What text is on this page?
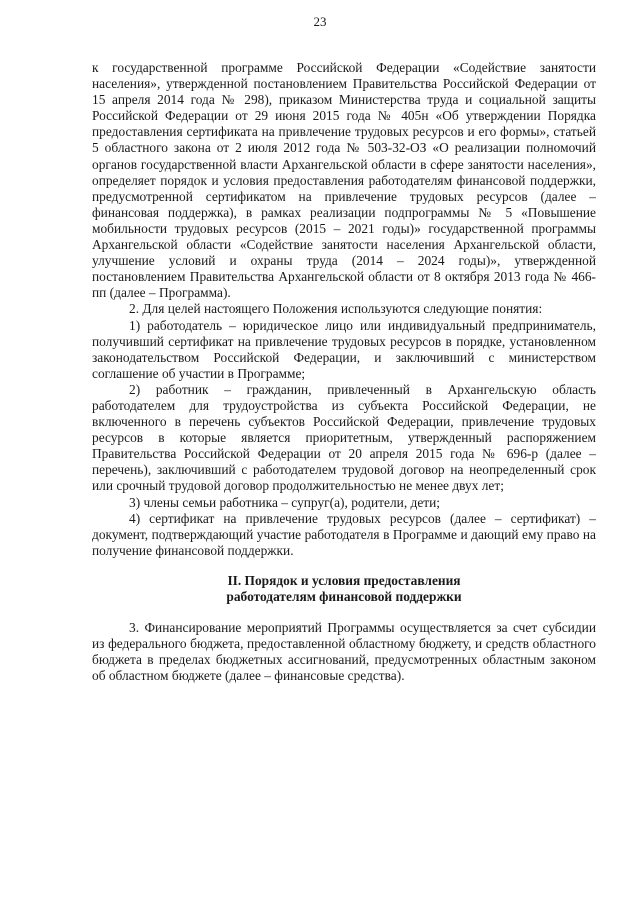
23

к государственной программе Российской Федерации «Содействие занятости населения», утвержденной постановлением Правительства Российской Федерации от 15 апреля 2014 года № 298), приказом Министерства труда и социальной защиты Российской Федерации от 29 июня 2015 года № 405н «Об утверждении Порядка предоставления сертификата на привлечение трудовых ресурсов и его формы», статьей 5 областного закона от 2 июля 2012 года № 503-32-ОЗ «О реализации полномочий органов государственной власти Архангельской области в сфере занятости населения», определяет порядок и условия предоставления работодателям финансовой поддержки, предусмотренной сертификатом на привлечение трудовых ресурсов (далее – финансовая поддержка), в рамках реализации подпрограммы № 5 «Повышение мобильности трудовых ресурсов (2015 – 2021 годы)» государственной программы Архангельской области «Содействие занятости населения Архангельской области, улучшение условий и охраны труда (2014 – 2024 годы)», утвержденной постановлением Правительства Архангельской области от 8 октября 2013 года № 466-пп (далее – Программа).

2. Для целей настоящего Положения используются следующие понятия:

1) работодатель – юридическое лицо или индивидуальный предприниматель, получивший сертификат на привлечение трудовых ресурсов в порядке, установленном законодательством Российской Федерации, и заключивший с министерством соглашение об участии в Программе;

2) работник – гражданин, привлеченный в Архангельскую область работодателем для трудоустройства из субъекта Российской Федерации, не включенного в перечень субъектов Российской Федерации, привлечение трудовых ресурсов в которые является приоритетным, утвержденный распоряжением Правительства Российской Федерации от 20 апреля 2015 года № 696-р (далее – перечень), заключивший с работодателем трудовой договор на неопределенный срок или срочный трудовой договор продолжительностью не менее двух лет;

3) члены семьи работника – супруг(а), родители, дети;

4) сертификат на привлечение трудовых ресурсов (далее – сертификат) – документ, подтверждающий участие работодателя в Программе и дающий ему право на получение финансовой поддержки.

II. Порядок и условия предоставления
работодателям финансовой поддержки

3. Финансирование мероприятий Программы осуществляется за счет субсидии из федерального бюджета, предоставленной областному бюджету, и средств областного бюджета в пределах бюджетных ассигнований, предусмотренных областным законом об областном бюджете (далее – финансовые средства).
